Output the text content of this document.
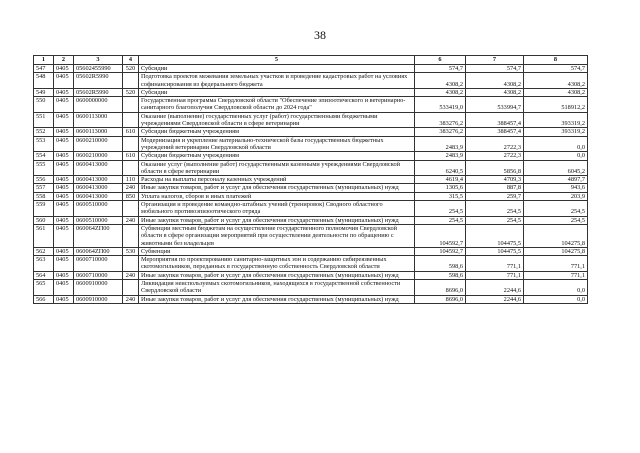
38
1	2	3	4	5	6	7	8
547	0405	05602455990	520	Субсидии	574,7	574,7	574,7
548	0405	05602R5990		Подготовка проектов межевания земельных участков и проведение кадастровых работ на условиях софинансирования из федерального бюджета	4308,2	4308,2	4308,2
549	0405	05602R5990	520	Субсидии	4308,2	4308,2	4308,2
550	0405	0600000000		Государственная программа Свердловской области "Обеспечение эпизоотического и ветеринарно-санитарного благополучия Свердловской области до 2024 года"	533419,0	533994,7	518912,2
551	0405	0600113000		Оказание (выполнение) государственных услуг (работ) государственными бюджетными учреждениями Свердловской области в сфере ветеринарии	383276,2	388457,4	393319,2
552	0405	0600113000	610	Субсидии бюджетным учреждениям	383276,2	388457,4	393319,2
553	0405	0600210000		Модернизация и укрепление материально-технической базы государственных бюджетных учреждений ветеринарии Свердловской области	2483,9	2722,3	0,0
554	0405	0600210000	610	Субсидии бюджетным учреждениям	2483,9	2722,3	0,0
555	0405	0600413000		Оказание услуг (выполнение работ) государственными казенными учреждениями Свердловской области в сфере ветеринарии	6240,5	5856,8	6045,2
556	0405	0600413000	110	Расходы на выплаты персоналу казенных учреждений	4619,4	4709,3	4897,7
557	0405	0600413000	240	Иные закупки товаров, работ и услуг для обеспечения государственных (муниципальных) нужд	1305,6	887,8	943,6
558	0405	0600413000	850	Уплата налогов, сборов и иных платежей	315,5	259,7	203,9
559	0405	0600510000		Организация и проведение командно-штабных учений (тренировок) Сводного областного мобильного противоэпизоотического отряда	254,5	254,5	254,5
560	0405	0600510000	240	Иные закупки товаров, работ и услуг для обеспечения государственных (муниципальных) нужд	254,5	254,5	254,5
561	0405	060064ZП00		Субвенции местным бюджетам на осуществление государственного полномочия Свердловской области в сфере организации мероприятий при осуществлении деятельности по обращению с животными без владельцев	104592,7	104475,5	104275,8
562	0405	060064ZП00	530	Субвенции	104592,7	104475,5	104275,8
563	0405	0600710000		Мероприятия по проектированию санитарно-защитных зон и содержанию сибиреязвенных скотомогильников, переданных в государственную собственность Свердловской области	598,6	771,1	771,1
564	0405	0600710000	240	Иные закупки товаров, работ и услуг для обеспечения государственных (муниципальных) нужд	598,6	771,1	771,1
565	0405	0600910000		Ликвидация неиспользуемых скотомогильников, находящихся в государственной собственности Свердловской области	8696,0	2244,6	0,0
566	0405	0600910000	240	Иные закупки товаров, работ и услуг для обеспечения государственных (муниципальных) нужд	8696,0	2244,6	0,0
